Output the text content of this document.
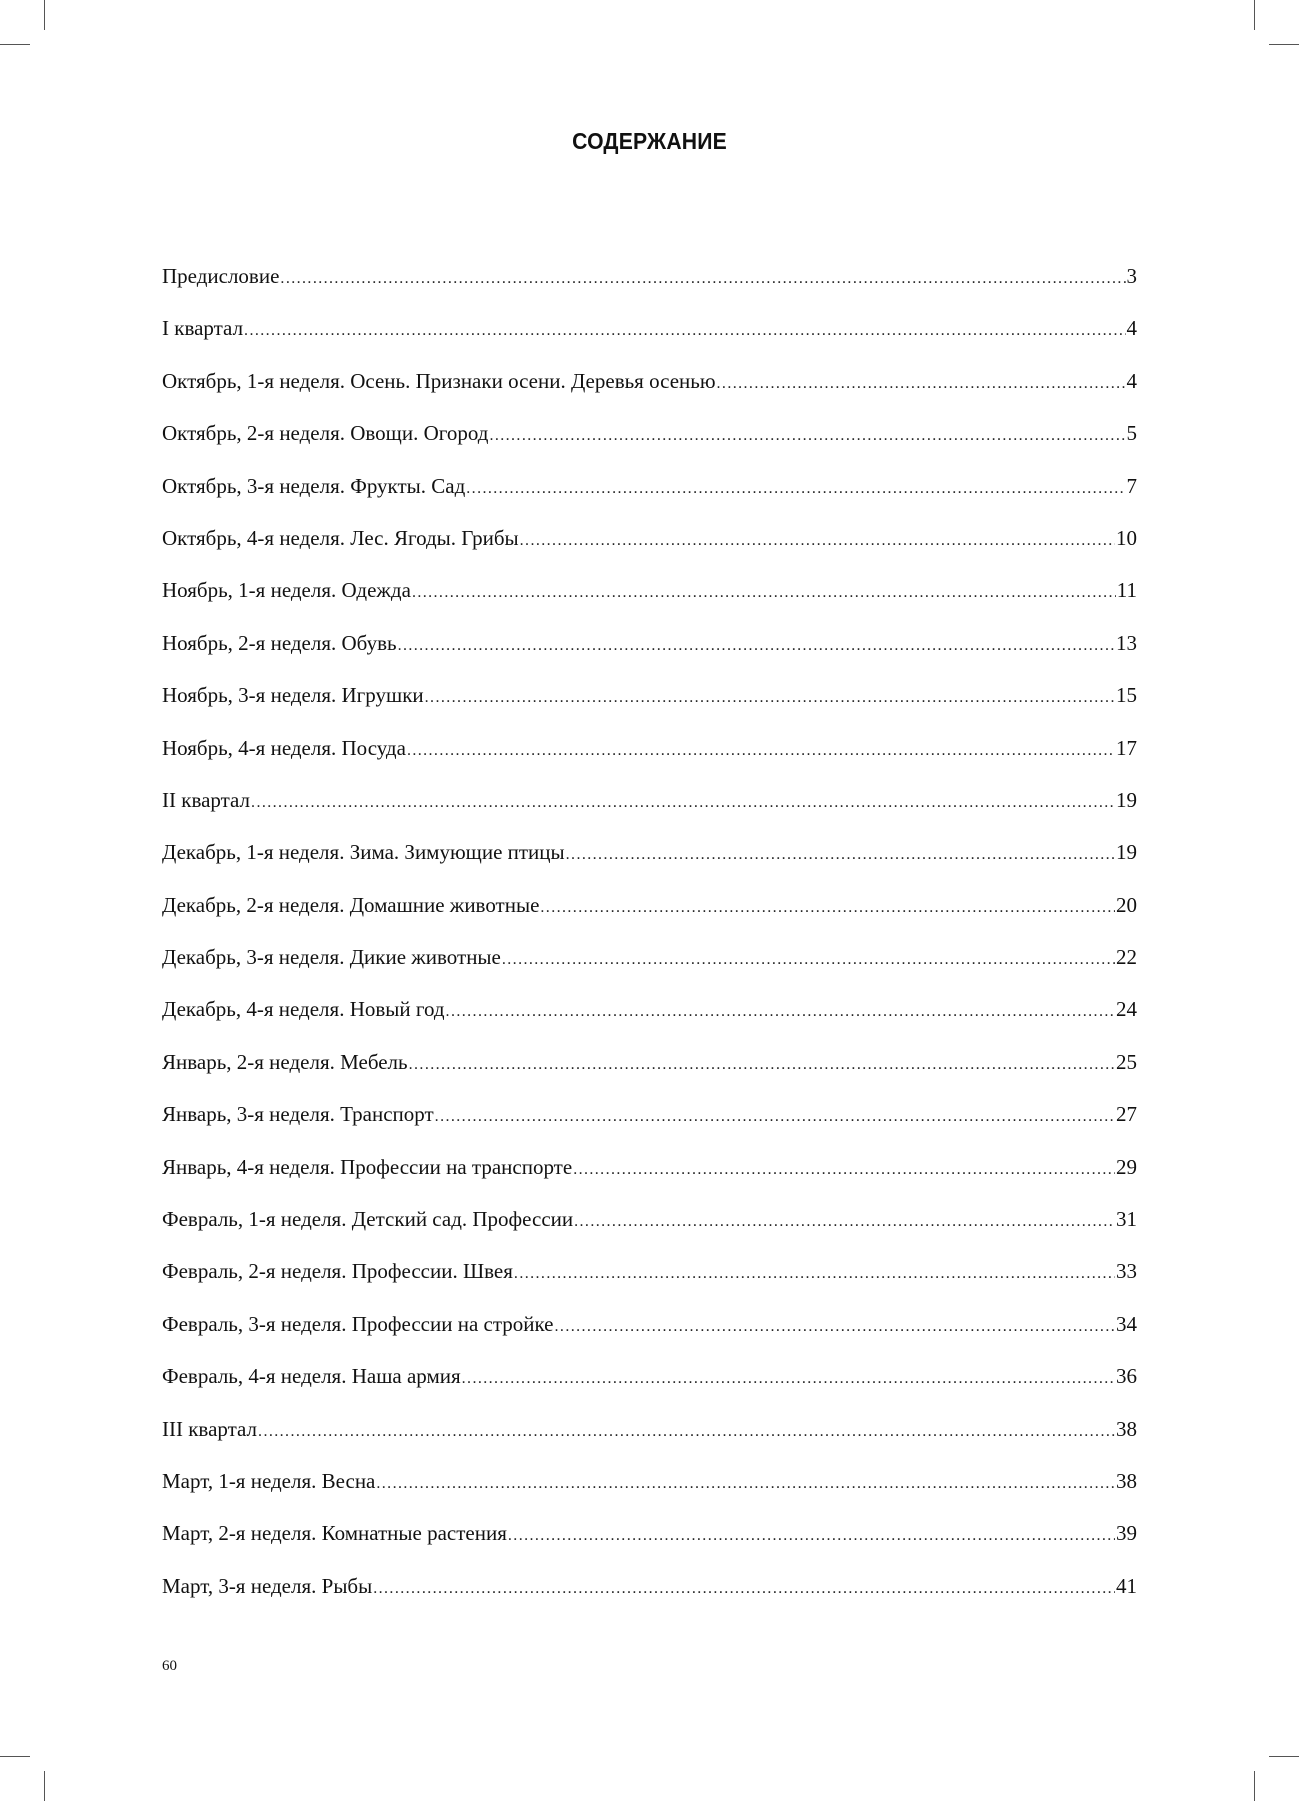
СОДЕРЖАНИЕ
Предисловие .....	3
I квартал .....	4
Октябрь, 1-я неделя. Осень. Признаки осени. Деревья осенью .....	4
Октябрь, 2-я неделя. Овощи. Огород .....	5
Октябрь, 3-я неделя. Фрукты. Сад .....	7
Октябрь, 4-я неделя. Лес. Ягоды. Грибы .....	10
Ноябрь, 1-я неделя. Одежда .....	11
Ноябрь, 2-я неделя. Обувь .....	13
Ноябрь, 3-я неделя. Игрушки .....	15
Ноябрь, 4-я неделя. Посуда .....	17
II квартал .....	19
Декабрь, 1-я неделя. Зима. Зимующие птицы .....	19
Декабрь, 2-я неделя. Домашние животные .....	20
Декабрь, 3-я неделя. Дикие животные .....	22
Декабрь, 4-я неделя. Новый год .....	24
Январь, 2-я неделя. Мебель .....	25
Январь, 3-я неделя. Транспорт .....	27
Январь, 4-я неделя. Профессии на транспорте .....	29
Февраль, 1-я неделя. Детский сад. Профессии .....	31
Февраль, 2-я неделя. Профессии. Швея .....	33
Февраль, 3-я неделя. Профессии на стройке .....	34
Февраль, 4-я неделя. Наша армия .....	36
III квартал .....	38
Март, 1-я неделя. Весна .....	38
Март, 2-я неделя. Комнатные растения .....	39
Март, 3-я неделя. Рыбы .....	41
60
